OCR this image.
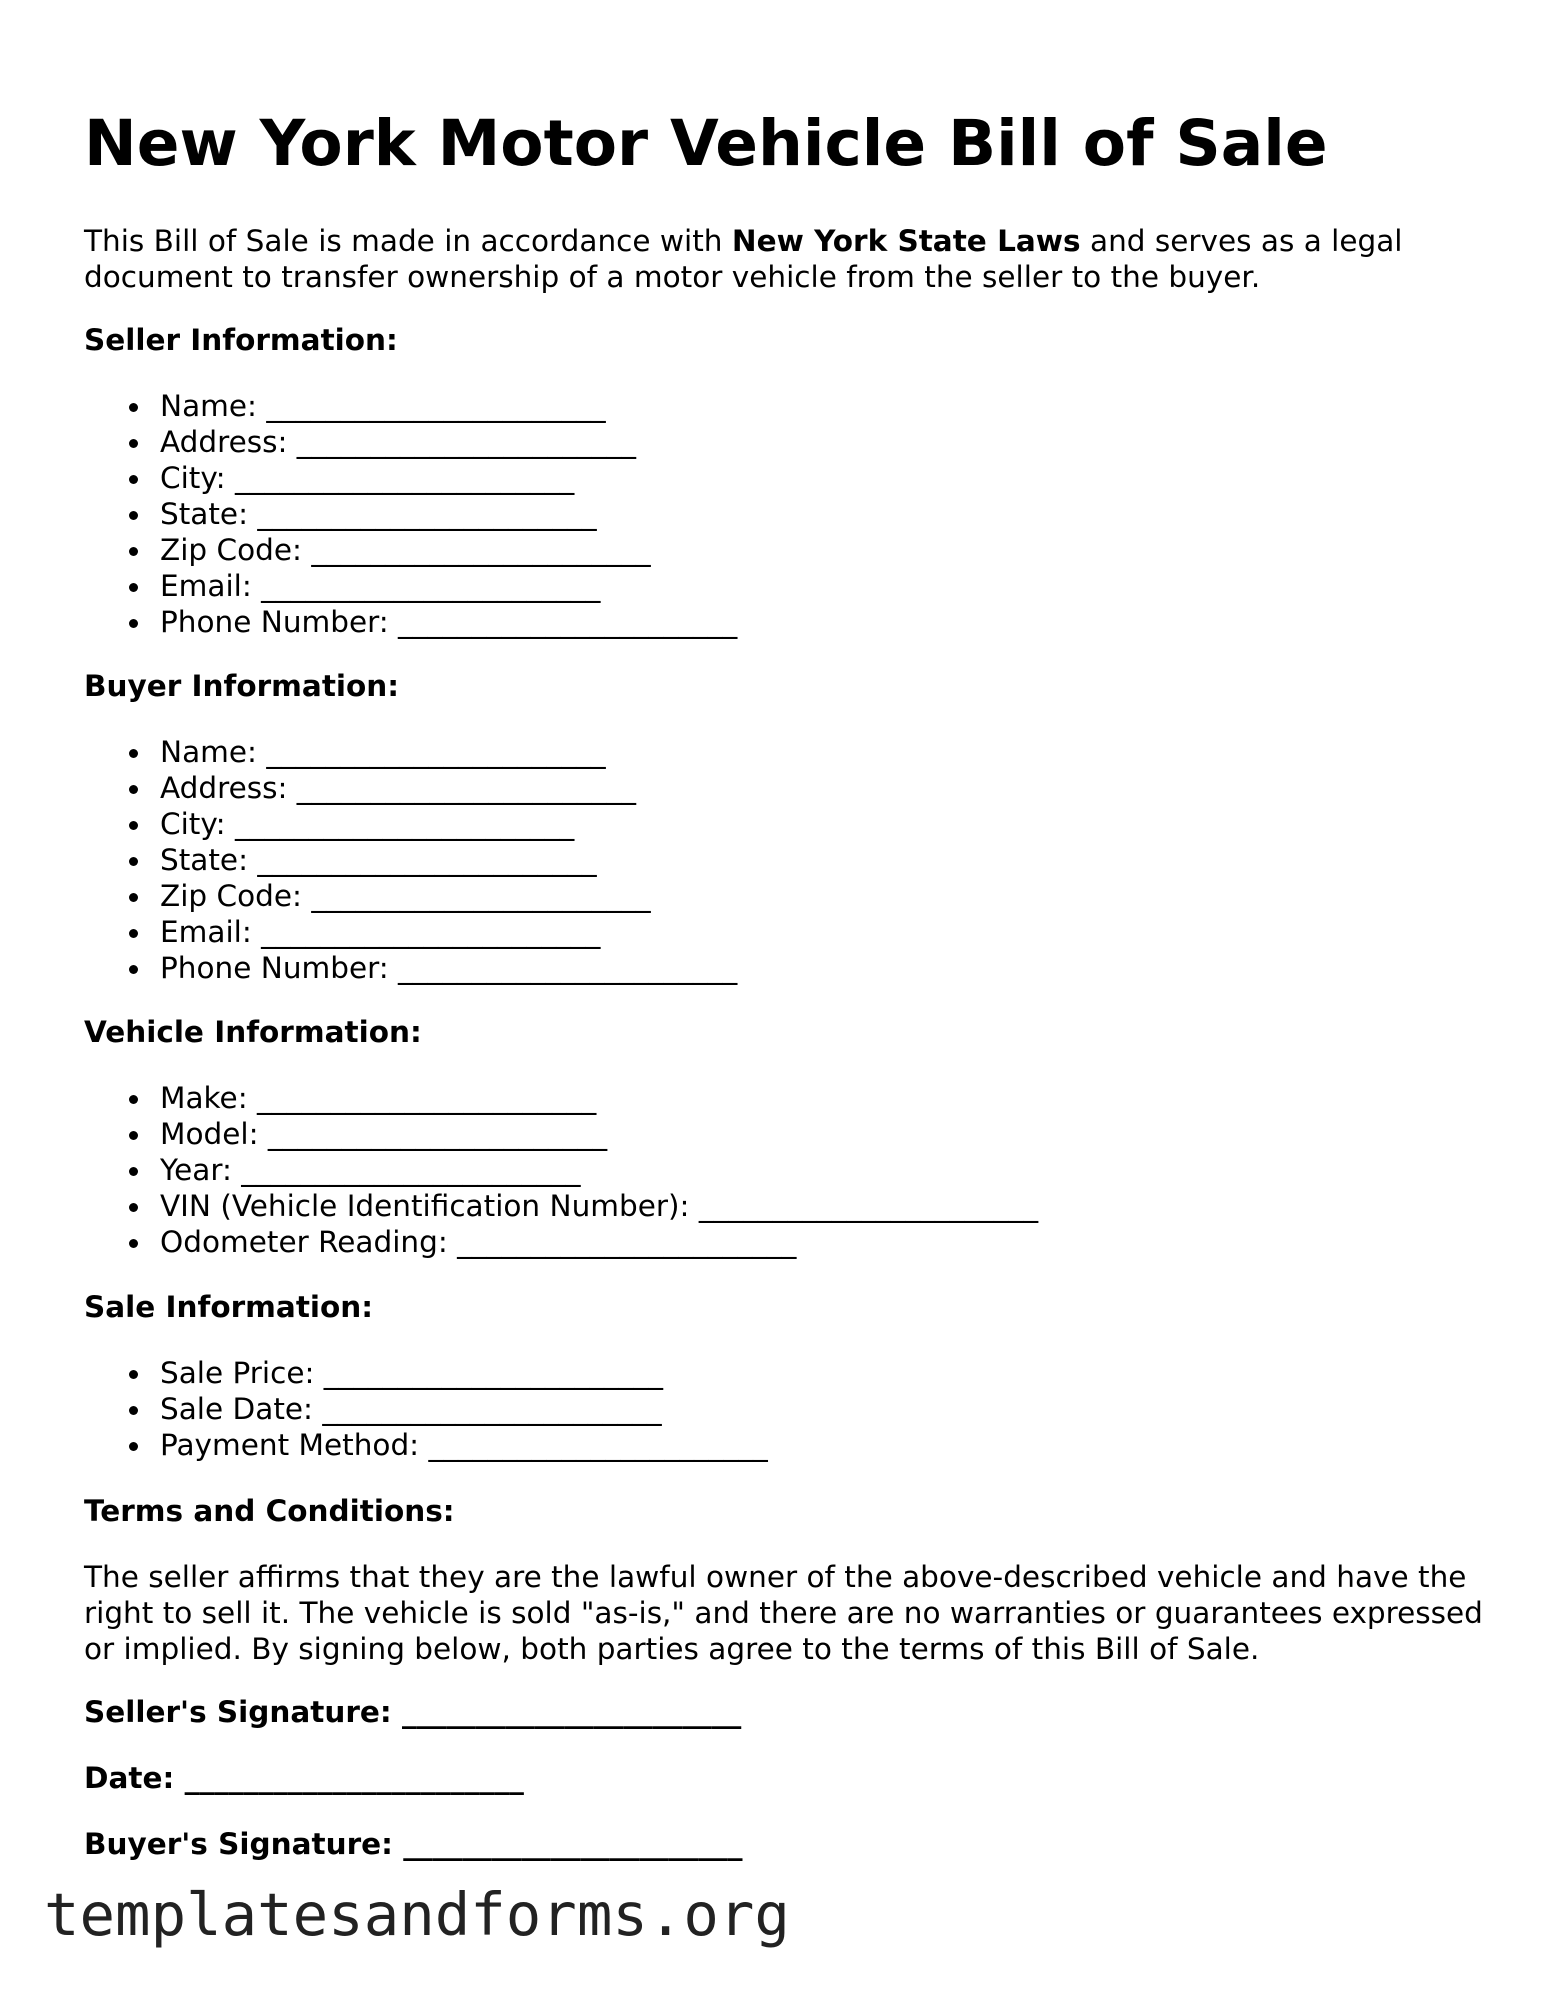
New York Motor Vehicle Bill of Sale

This Bill of Sale is made in accordance with New York State Laws and serves as a legal document to transfer ownership of a motor vehicle from the seller to the buyer.

Seller Information:

Name: _______________________
Address: _______________________
City: _______________________
State: _______________________
Zip Code: _______________________
Email: _______________________
Phone Number: _______________________

Buyer Information:

Name: _______________________
Address: _______________________
City: _______________________
State: _______________________
Zip Code: _______________________
Email: _______________________
Phone Number: _______________________

Vehicle Information:

Make: _______________________
Model: _______________________
Year: _______________________
VIN (Vehicle Identification Number): _______________________
Odometer Reading: _______________________

Sale Information:

Sale Price: _______________________
Sale Date: _______________________
Payment Method: _______________________

Terms and Conditions:

The seller affirms that they are the lawful owner of the above-described vehicle and have the right to sell it. The vehicle is sold "as-is," and there are no warranties or guarantees expressed or implied. By signing below, both parties agree to the terms of this Bill of Sale.

Seller's Signature: _______________________

Date: _______________________

Buyer's Signature: _______________________

templatesandforms.org
